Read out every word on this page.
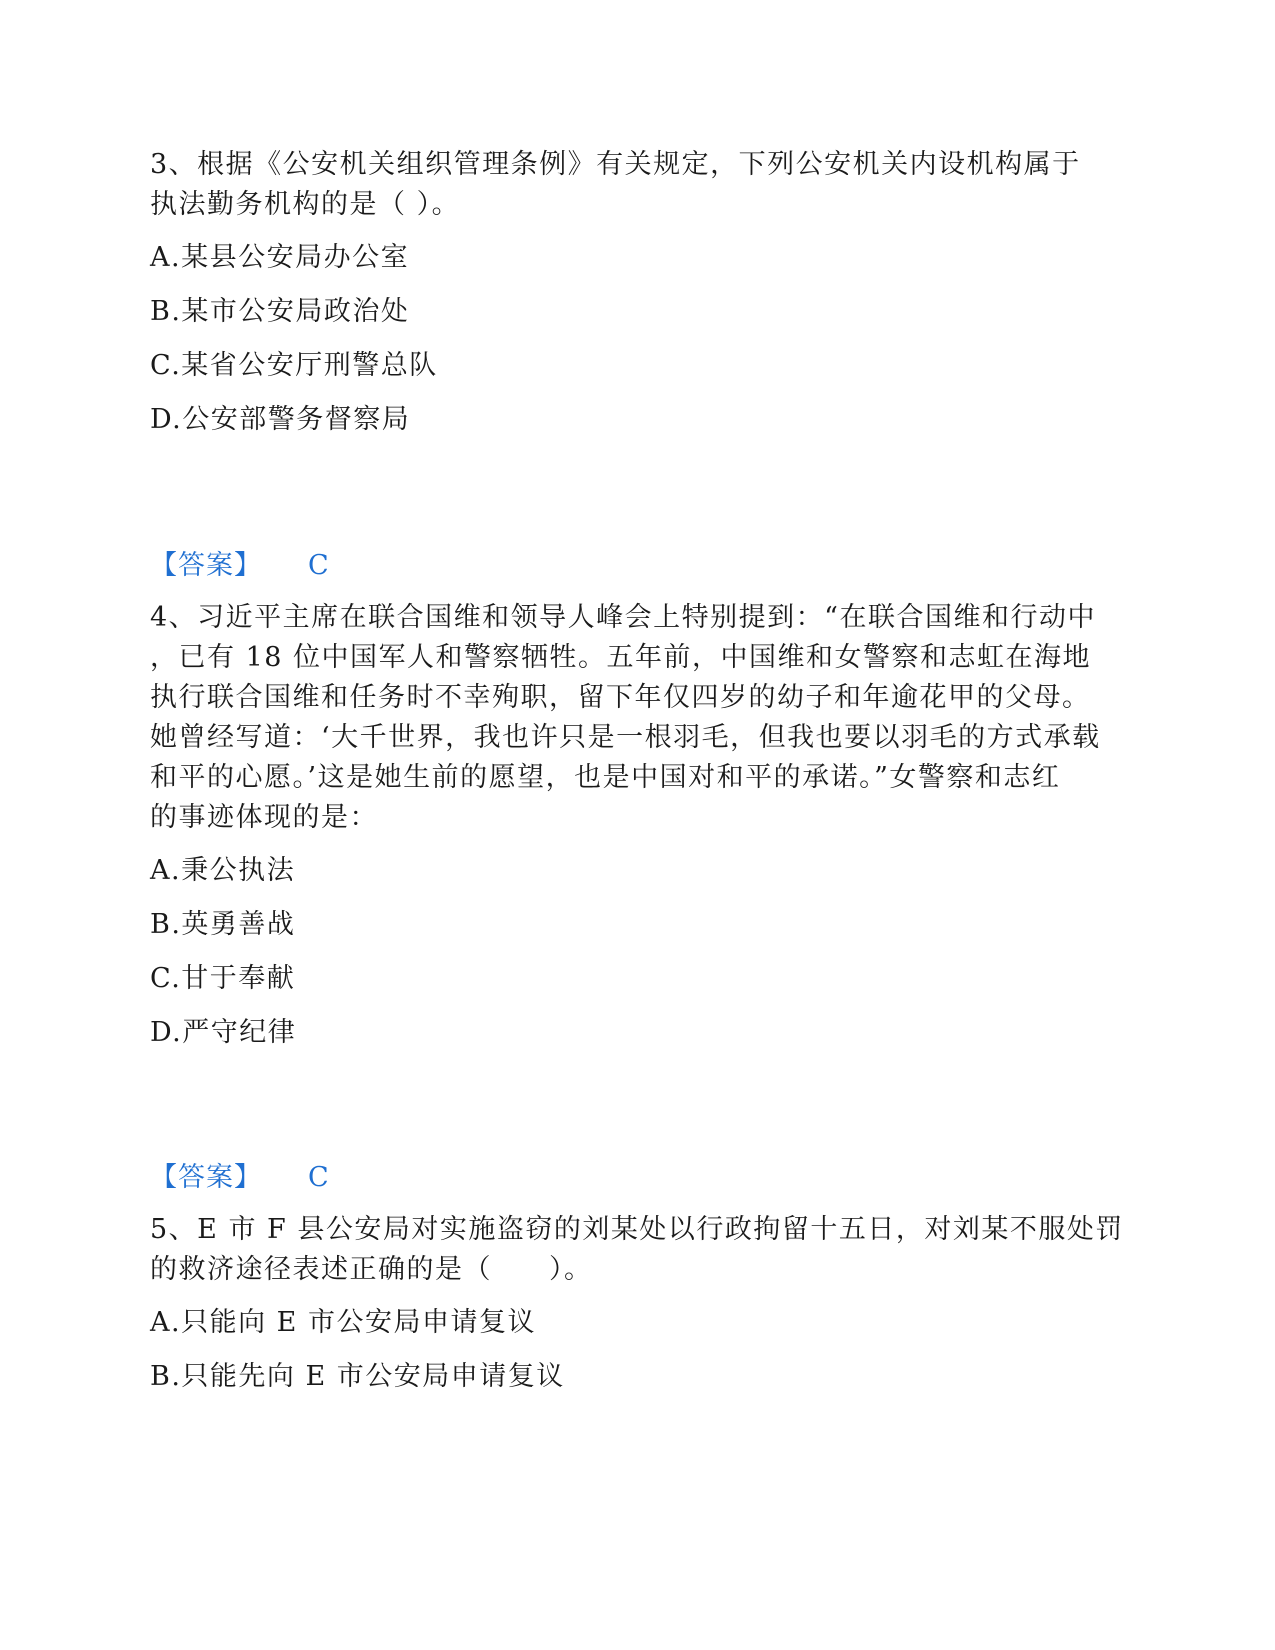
3、根据《公安机关组织管理条例》有关规定，下列公安机关内设机构属于
执法勤务机构的是（ ）。
A.某县公安局办公室
B.某市公安局政治处
C.某省公安厅刑警总队
D.公安部警务督察局
【答案】 C
4、习近平主席在联合国维和领导人峰会上特别提到：“在联合国维和行动中
，已有 18 位中国军人和警察牺牲。五年前，中国维和女警察和志虹在海地
执行联合国维和任务时不幸殉职，留下年仅四岁的幼子和年逾花甲的父母。
她曾经写道：‘大千世界，我也许只是一根羽毛，但我也要以羽毛的方式承载
和平的心愿。’这是她生前的愿望，也是中国对和平的承诺。”女警察和志红
的事迹体现的是：
A.秉公执法
B.英勇善战
C.甘于奉献
D.严守纪律
【答案】 C
5、E 市 F 县公安局对实施盗窃的刘某处以行政拘留十五日，对刘某不服处罚
的救济途径表述正确的是（　　）。
A.只能向 E 市公安局申请复议
B.只能先向 E 市公安局申请复议
